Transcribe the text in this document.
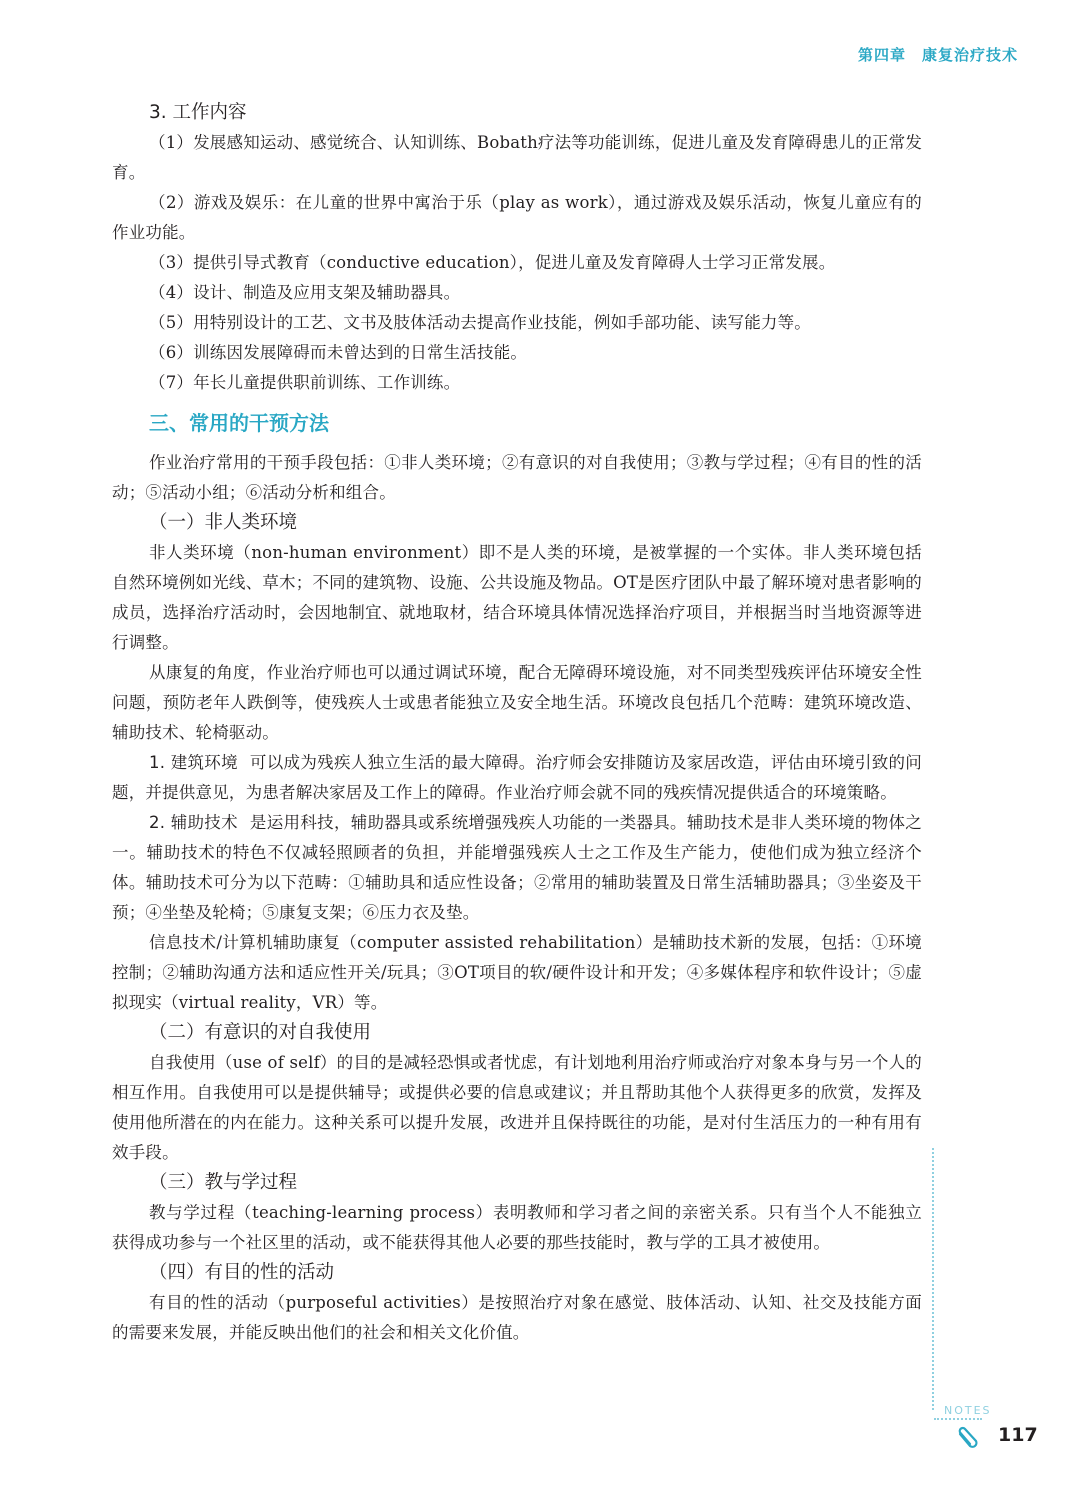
第四章 康复治疗技术

3. 工作内容

（1）发展感知运动、感觉统合、认知训练、Bobath疗法等功能训练，促进儿童及发育障碍患儿的正常发育。

（2）游戏及娱乐：在儿童的世界中寓治于乐（play as work），通过游戏及娱乐活动，恢复儿童应有的作业功能。

（3）提供引导式教育（conductive education），促进儿童及发育障碍人士学习正常发展。

（4）设计、制造及应用支架及辅助器具。

（5）用特别设计的工艺、文书及肢体活动去提高作业技能，例如手部功能、读写能力等。

（6）训练因发展障碍而未曾达到的日常生活技能。

（7）年长儿童提供职前训练、工作训练。

三、常用的干预方法

作业治疗常用的干预手段包括：①非人类环境；②有意识的对自我使用；③教与学过程；④有目的性的活动；⑤活动小组；⑥活动分析和组合。

（一）非人类环境

非人类环境（non-human environment）即不是人类的环境，是被掌握的一个实体。非人类环境包括自然环境例如光线、草木；不同的建筑物、设施、公共设施及物品。OT是医疗团队中最了解环境对患者影响的成员，选择治疗活动时，会因地制宜、就地取材，结合环境具体情况选择治疗项目，并根据当时当地资源等进行调整。

从康复的角度，作业治疗师也可以通过调试环境，配合无障碍环境设施，对不同类型残疾评估环境安全性问题，预防老年人跌倒等，使残疾人士或患者能独立及安全地生活。环境改良包括几个范畴：建筑环境改造、辅助技术、轮椅驱动。

1. 建筑环境 可以成为残疾人独立生活的最大障碍。治疗师会安排随访及家居改造，评估由环境引致的问题，并提供意见，为患者解决家居及工作上的障碍。作业治疗师会就不同的残疾情况提供适合的环境策略。

2. 辅助技术 是运用科技，辅助器具或系统增强残疾人功能的一类器具。辅助技术是非人类环境的物体之一。辅助技术的特色不仅减轻照顾者的负担，并能增强残疾人士之工作及生产能力，使他们成为独立经济个体。辅助技术可分为以下范畴：①辅助具和适应性设备；②常用的辅助装置及日常生活辅助器具；③坐姿及干预；④坐垫及轮椅；⑤康复支架；⑥压力衣及垫。

信息技术/计算机辅助康复（computer assisted rehabilitation）是辅助技术新的发展，包括：①环境控制；②辅助沟通方法和适应性开关/玩具；③OT项目的软/硬件设计和开发；④多媒体程序和软件设计；⑤虚拟现实（virtual reality，VR）等。

（二）有意识的对自我使用

自我使用（use of self）的目的是减轻恐惧或者忧虑，有计划地利用治疗师或治疗对象本身与另一个人的相互作用。自我使用可以是提供辅导；或提供必要的信息或建议；并且帮助其他个人获得更多的欣赏，发挥及使用他所潜在的内在能力。这种关系可以提升发展，改进并且保持既往的功能，是对付生活压力的一种有用有效手段。

（三）教与学过程

教与学过程（teaching-learning process）表明教师和学习者之间的亲密关系。只有当个人不能独立获得成功参与一个社区里的活动，或不能获得其他人必要的那些技能时，教与学的工具才被使用。

（四）有目的性的活动

有目的性的活动（purposeful activities）是按照治疗对象在感觉、肢体活动、认知、社交及技能方面的需要来发展，并能反映出他们的社会和相关文化价值。

NOTES
117
